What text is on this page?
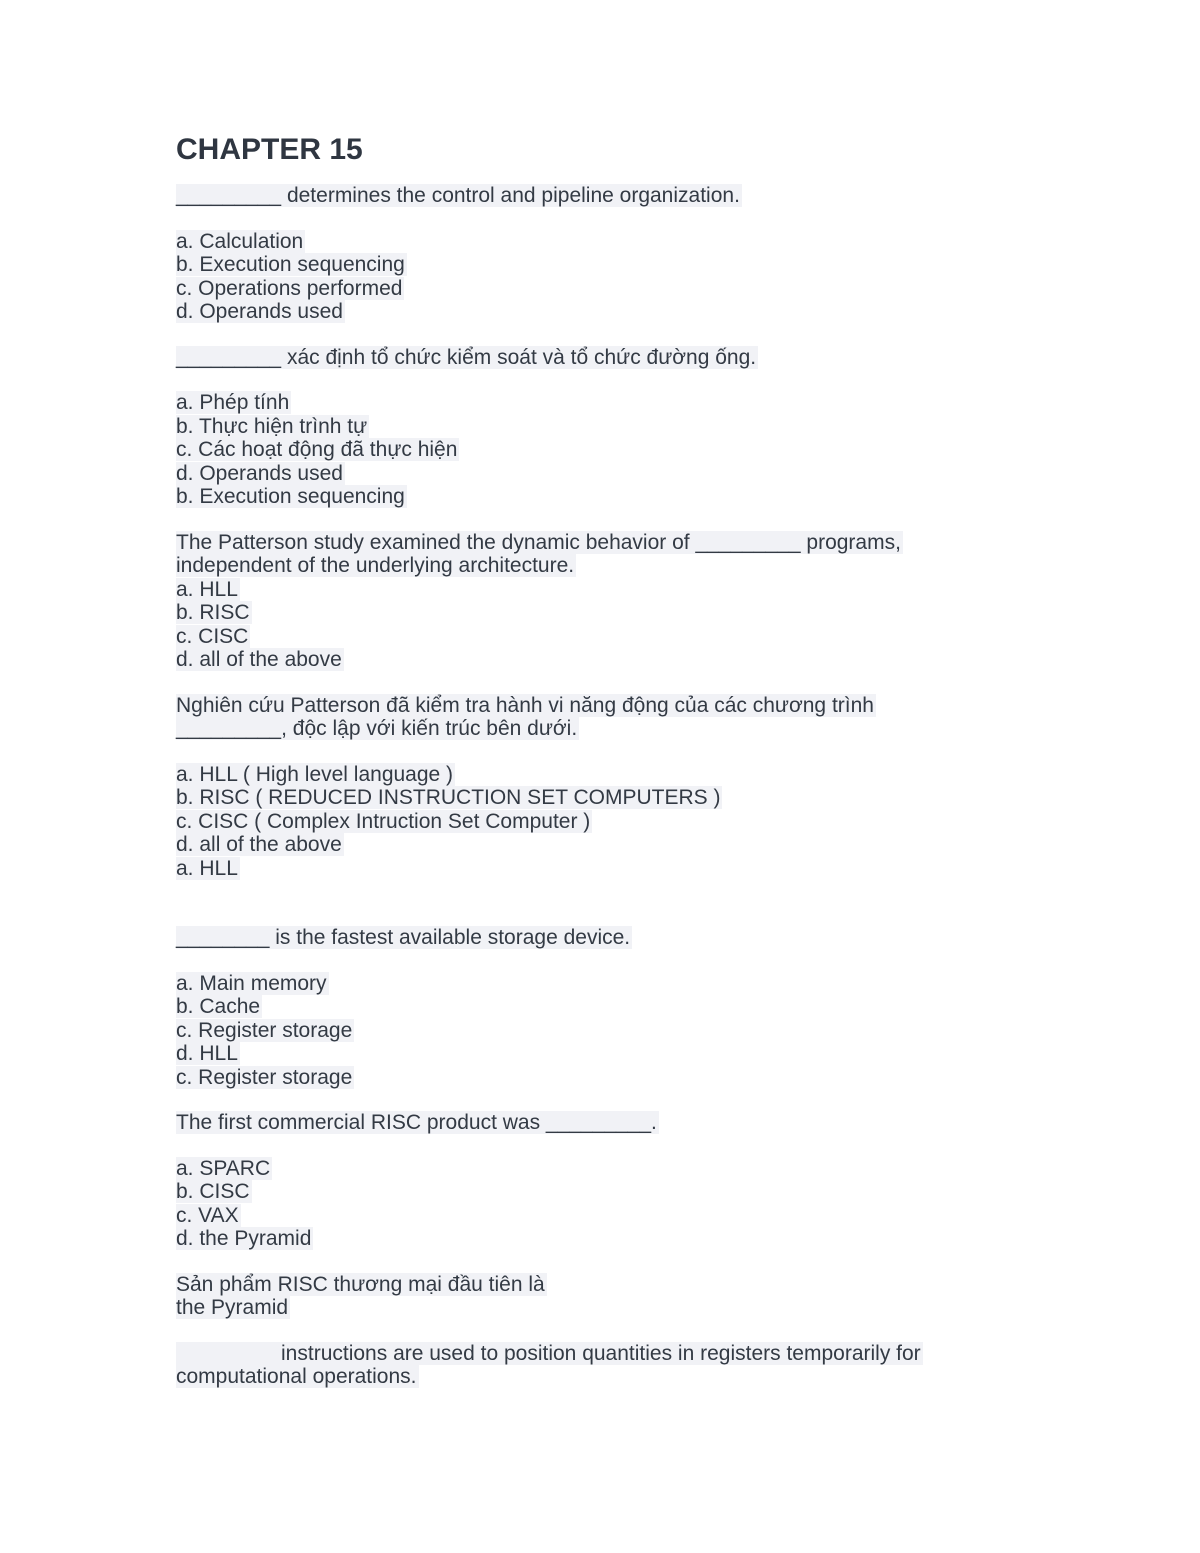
CHAPTER 15
_________ determines the control and pipeline organization.
a. Calculation
b. Execution sequencing
c. Operations performed
d. Operands used
_________ xác định tổ chức kiểm soát và tổ chức đường ống.
a. Phép tính
b. Thực hiện trình tự
c. Các hoạt động đã thực hiện
d. Operands used
b. Execution sequencing
The Patterson study examined the dynamic behavior of _________ programs,
independent of the underlying architecture.
a. HLL
b. RISC
c. CISC
d. all of the above
Nghiên cứu Patterson đã kiểm tra hành vi năng động của các chương trình
_________, độc lập với kiến trúc bên dưới.
a. HLL ( High level language )
b. RISC ( REDUCED INSTRUCTION SET COMPUTERS )
c. CISC ( Complex Intruction Set Computer )
d. all of the above
a. HLL
________ is the fastest available storage device.
a. Main memory
b. Cache
c. Register storage
d. HLL
c. Register storage
The first commercial RISC product was _________.
a. SPARC
b. CISC
c. VAX
d. the Pyramid
Sản phẩm RISC thương mại đầu tiên là
the Pyramid
instructions are used to position quantities in registers temporarily for
computational operations.
